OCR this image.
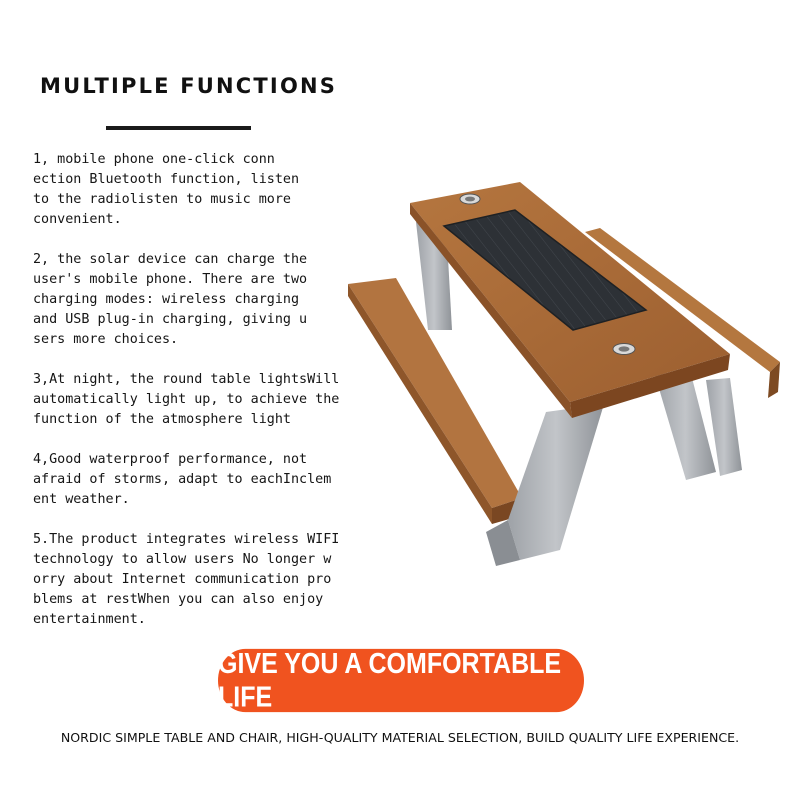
MULTIPLE FUNCTIONS
1, mobile phone one-click conn
ection Bluetooth function, listen
to the radiolisten to music more
convenient.
2, the solar device can charge the
user's mobile phone. There are two
charging modes: wireless charging
and USB plug-in charging, giving u
sers more choices.
3,At night, the round table lightsWill
automatically light up, to achieve the
function of the atmosphere light
4,Good waterproof performance, not
afraid of storms, adapt to eachInclem
ent weather.
5.The product integrates wireless WIFI
technology to allow users No longer w
orry about Internet communication pro
blems at restWhen you can also enjoy
entertainment.
GIVE YOU A COMFORTABLE LIFE
NORDIC SIMPLE TABLE AND CHAIR, HIGH-QUALITY MATERIAL SELECTION, BUILD QUALITY LIFE EXPERIENCE.
